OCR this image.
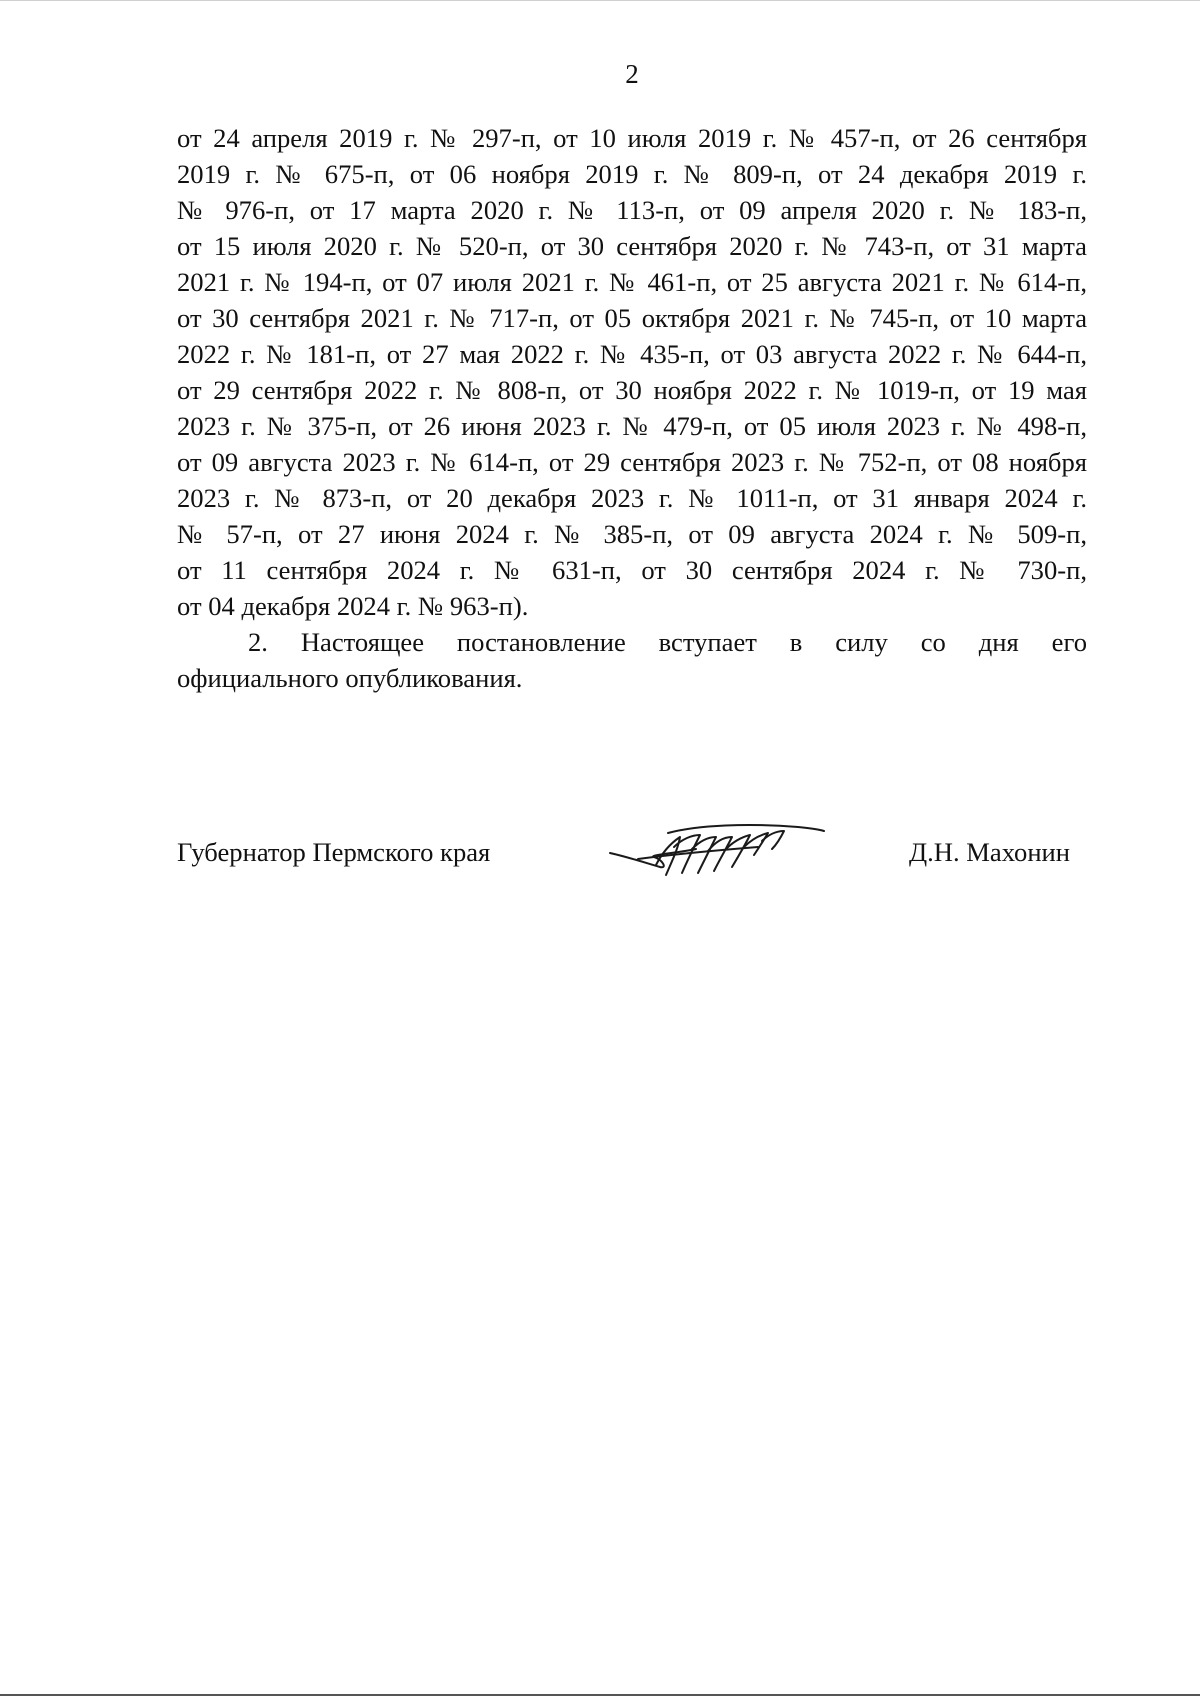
2
от 24 апреля 2019 г. № 297-п, от 10 июля 2019 г. № 457-п, от 26 сентября
2019 г. № 675-п, от 06 ноября 2019 г. № 809-п, от 24 декабря 2019 г.
№ 976-п, от 17 марта 2020 г. № 113-п, от 09 апреля 2020 г. № 183-п,
от 15 июля 2020 г. № 520-п, от 30 сентября 2020 г. № 743-п, от 31 марта
2021 г. № 194-п, от 07 июля 2021 г. № 461-п, от 25 августа 2021 г. № 614-п,
от 30 сентября 2021 г. № 717-п, от 05 октября 2021 г. № 745-п, от 10 марта
2022 г. № 181-п, от 27 мая 2022 г. № 435-п, от 03 августа 2022 г. № 644-п,
от 29 сентября 2022 г. № 808-п, от 30 ноября 2022 г. № 1019-п, от 19 мая
2023 г. № 375-п, от 26 июня 2023 г. № 479-п, от 05 июля 2023 г. № 498-п,
от 09 августа 2023 г. № 614-п, от 29 сентября 2023 г. № 752-п, от 08 ноября
2023 г. № 873-п, от 20 декабря 2023 г. № 1011-п, от 31 января 2024 г.
№ 57-п, от 27 июня 2024 г. № 385-п, от 09 августа 2024 г. № 509-п,
от 11 сентября 2024 г. № 631-п, от 30 сентября 2024 г. № 730-п,
от 04 декабря 2024 г. № 963-п).
2. Настоящее постановление вступает в силу со дня его
официального опубликования.
Губернатор Пермского края	Д.Н. Махонин
